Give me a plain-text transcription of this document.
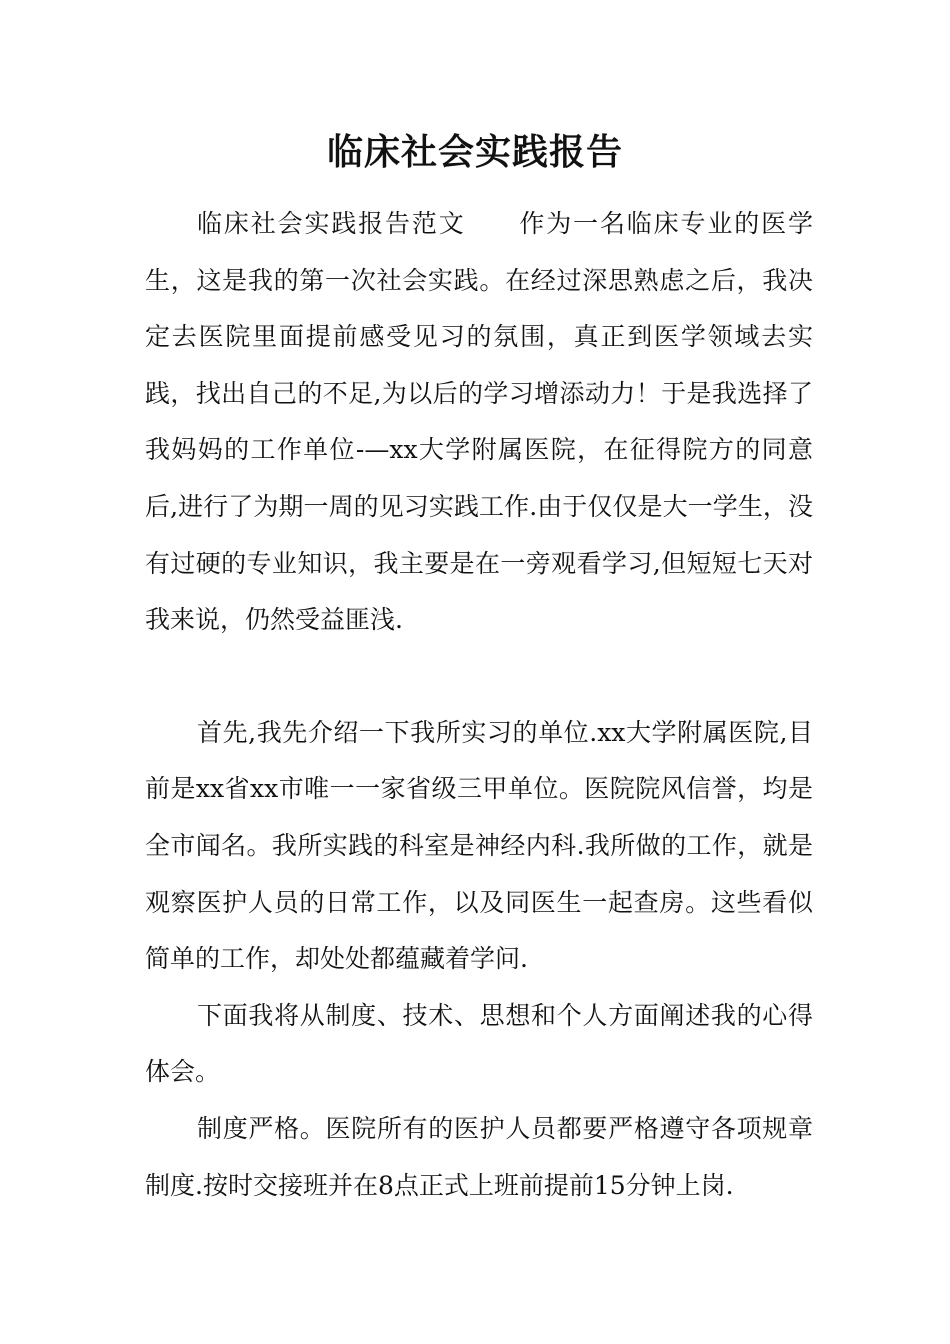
临床社会实践报告

临床社会实践报告范文　　作为一名临床专业的医学生，这是我的第一次社会实践。在经过深思熟虑之后，我决定去医院里面提前感受见习的氛围，真正到医学领域去实践，找出自己的不足,为以后的学习增添动力！于是我选择了我妈妈的工作单位-—xx大学附属医院，在征得院方的同意后,进行了为期一周的见习实践工作.由于仅仅是大一学生，没有过硬的专业知识，我主要是在一旁观看学习,但短短七天对我来说，仍然受益匪浅.

首先,我先介绍一下我所实习的单位.xx大学附属医院,目前是xx省xx市唯一一家省级三甲单位。医院院风信誉，均是全市闻名。我所实践的科室是神经内科.我所做的工作，就是观察医护人员的日常工作，以及同医生一起查房。这些看似简单的工作，却处处都蕴藏着学问.

下面我将从制度、技术、思想和个人方面阐述我的心得体会。

制度严格。医院所有的医护人员都要严格遵守各项规章制度.按时交接班并在8点正式上班前提前15分钟上岗.
